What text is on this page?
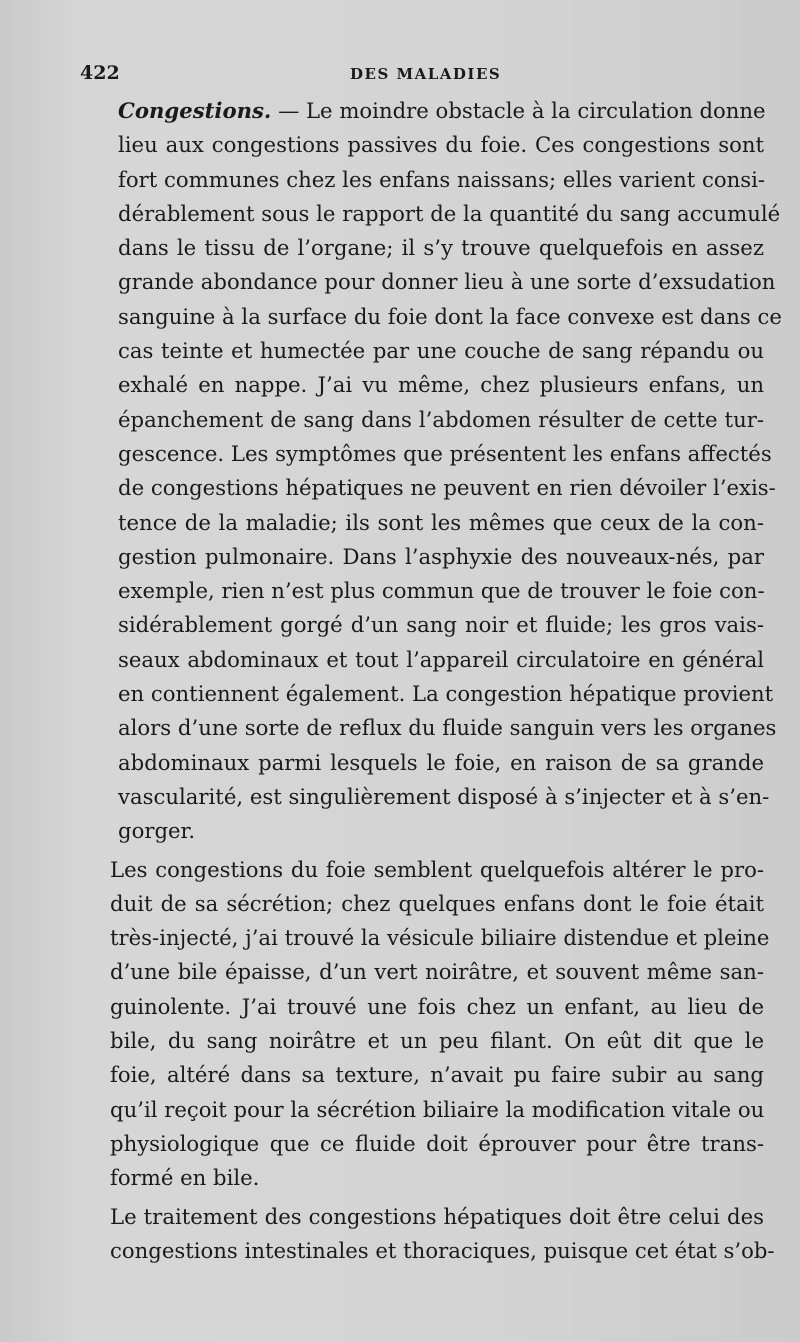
422	DES MALADIES

Congestions. — Le moindre obstacle à la circulation donne
lieu aux congestions passives du foie. Ces congestions sont
fort communes chez les enfans naissans; elles varient consi-
dérablement sous le rapport de la quantité du sang accumulé
dans le tissu de l’organe; il s’y trouve quelquefois en assez
grande abondance pour donner lieu à une sorte d’exsudation
sanguine à la surface du foie dont la face convexe est dans ce
cas teinte et humectée par une couche de sang répandu ou
exhalé en nappe. J’ai vu même, chez plusieurs enfans, un
épanchement de sang dans l’abdomen résulter de cette tur-
gescence. Les symptômes que présentent les enfans affectés
de congestions hépatiques ne peuvent en rien dévoiler l’exis-
tence de la maladie; ils sont les mêmes que ceux de la con-
gestion pulmonaire. Dans l’asphyxie des nouveaux-nés, par
exemple, rien n’est plus commun que de trouver le foie con-
sidérablement gorgé d’un sang noir et fluide; les gros vais-
seaux abdominaux et tout l’appareil circulatoire en général
en contiennent également. La congestion hépatique provient
alors d’une sorte de reflux du fluide sanguin vers les organes
abdominaux parmi lesquels le foie, en raison de sa grande
vascularité, est singulièrement disposé à s’injecter et à s’en-
gorger.

Les congestions du foie semblent quelquefois altérer le pro-
duit de sa sécrétion; chez quelques enfans dont le foie était
très-injecté, j’ai trouvé la vésicule biliaire distendue et pleine
d’une bile épaisse, d’un vert noirâtre, et souvent même san-
guinolente. J’ai trouvé une fois chez un enfant, au lieu de
bile, du sang noirâtre et un peu filant. On eût dit que le
foie, altéré dans sa texture, n’avait pu faire subir au sang
qu’il reçoit pour la sécrétion biliaire la modification vitale ou
physiologique que ce fluide doit éprouver pour être trans-
formé en bile.

Le traitement des congestions hépatiques doit être celui des
congestions intestinales et thoraciques, puisque cet état s’ob-
